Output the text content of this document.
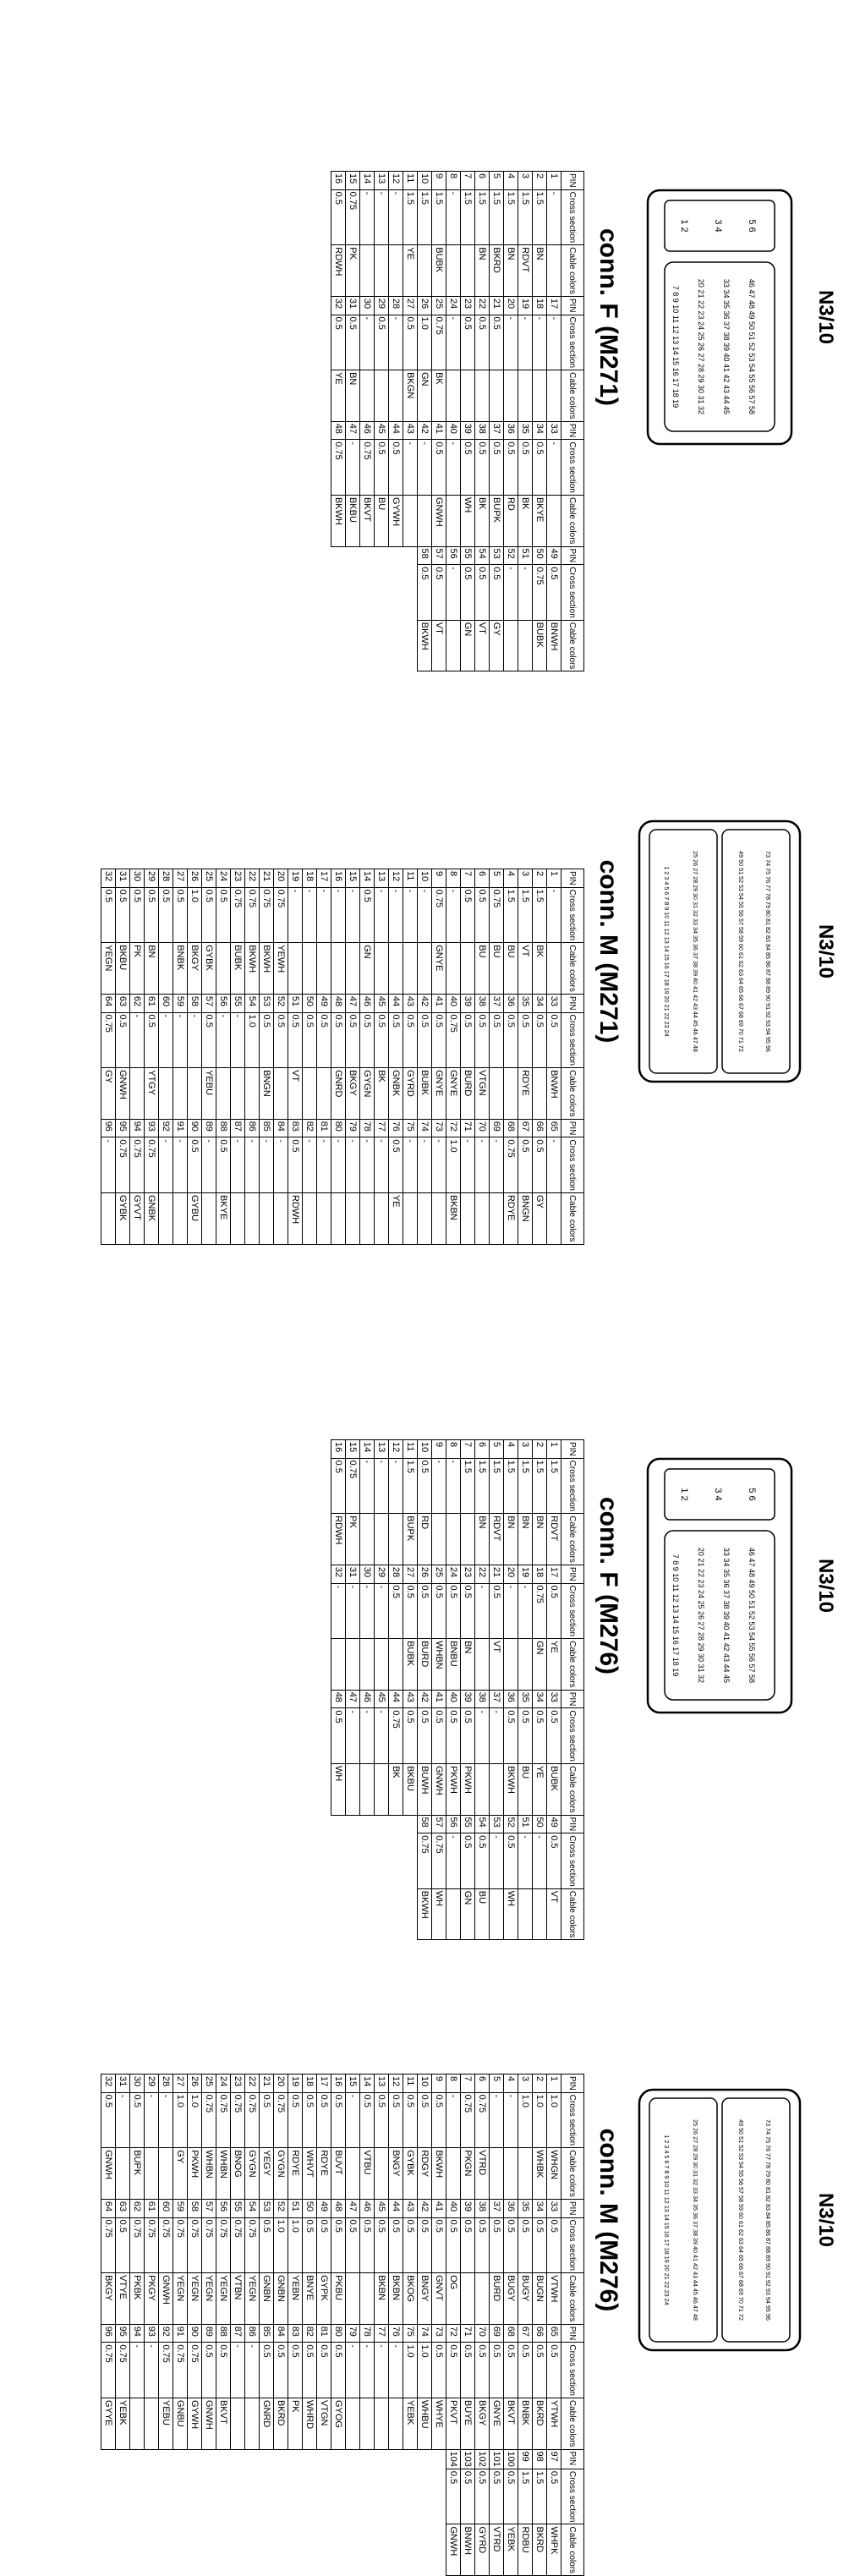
N3/10
5 6
3 4
1 2
46 47 48 49 50 51 52 53 54 55 56 57 58
33 34 35 36 37 38 39 40 41 42 43 44 45
20 21 22 23 24 25 26 27 28 29 30 31 32
7 8 9 10 11 12 13 14 15 16 17 18 19
conn. F (M271)
PIN	Cross section	Cable colors	PIN	Cross section	Cable colors	PIN	Cross section	Cable colors	PIN	Cross section	Cable colors
1	-		17	-		33	-		49	0.5	BNWH
2	1.5	BN	18	-		34	0.5	BKYE	50	0.75	BUBK
3	1.5	RDVT	19	-		35	0.5	BK	51	-	
4	1.5	BN	20	-		36	0.5	RD	52	-	
5	1.5	BKRD	21	0.5		37	0.5	BUPK	53	0.5	GY
6	1.5	BN	22	0.5		38	0.5	BK	54	0.5	VT
7	1.5		23	0.5		39	0.5	WH	55	0.5	GN
8	-		24	-		40	-		56	-	
9	1.5	BUBK	25	0.75	BK	41	0.5	GNWH	57	0.5	VT
10	1.5		26	1.0	GN	42	-		58	0.5	BKWH
11	1.5	YE	27	0.5	BKGN	43	-				
12	-		28	-		44	0.5	GYWH			
13	-		29	0.5		45	0.5	BU			
14	-		30	-		46	0.75	BKVT			
15	0.75	PK	31	0.5	BN	47	-	BKBU			
16	0.5	RDWH	32	0.5	YE	48	0.75	BKWH			
N3/10
73 74 75 76 77 78 79 80 81 82 83 84 85 86 87 88 89 90 91 92 93 94 95 96
49 50 51 52 53 54 55 56 57 58 59 60 61 62 63 64 65 66 67 68 69 70 71 72
25 26 27 28 29 30 31 32 33 34 35 36 37 38 39 40 41 42 43 44 45 46 47 48
1 2 3 4 5 6 7 8 9 10 11 12 13 14 15 16 17 18 19 20 21 22 23 24
conn. M (M271)
PIN	Cross section	Cable colors	PIN	Cross section	Cable colors	PIN	Cross section	Cable colors
1	-		33	0.5	BNWH	65	-	
2	1.5	BK	34	0.5		66	0.5	GY
3	1.5	VT	35	0.5	RDYE	67	0.5	BNGN
4	1.5	BU	36	0.5		68	0.75	RDYE
5	0.75	BU	37	0.5		69	-	
6	0.5	BU	38	0.5	VTGN	70	-	
7	0.5		39	0.5	BURD	71	-	
8	-		40	0.75	GNYE	72	1.0	BKBN
9	0.75	GNYE	41	0.5	GNYE	73	-	
10	-		42	0.5	BUBK	74	-	
11	-		43	0.5	GYRD	75	-	
12	-		44	0.5	GNBK	76	0.5	YE
13	-		45	0.5	BK	77	-	
14	0.5	GN	46	0.5	GYGN	78	-	
15	-		47	0.5	BKGY	79	-	
16	-		48	0.5	GNRD	80	-	
17	-		49	0.5		81	-	
18	-		50	0.5		82	-	
19	-		51	0.5	VT	83	0.5	RDWH
20	0.75	YEWH	52	0.5		84	-	
21	0.75	BKWH	53	0.5	BNGN	85	-	
22	0.75	BKWH	54	1.0		86	-	
23	0.75	BUBK	55	-		87	-	
24	0.5		56	-		88	0.5	BKYE
25	0.5	GYBK	57	0.5	YEBU	89	-	
26	1.0	BKGY	58	-		90	0.5	GYBU
27	0.5	BNBK	59	-		91	-	
28	0.5		60	-		92	-	
29	0.5	BN	61	0.5	YTGY	93	0.75	GNBK
30	0.5	PK	62	-		94	0.75	GYVT
31	0.5	BKBU	63	0.5	GNWH	95	0.75	GYBK
32	0.5	YEGN	64	0.75	GY	96	-	
N3/10
5 6
3 4
1 2
46 47 48 49 50 51 52 53 54 55 56 57 58
33 34 35 36 37 38 39 40 41 42 43 44 45
20 21 22 23 24 25 26 27 28 29 30 31 32
7 8 9 10 11 12 13 14 15 16 17 18 19
conn. F (M276)
PIN	Cross section	Cable colors	PIN	Cross section	Cable colors	PIN	Cross section	Cable colors	PIN	Cross section	Cable colors
1	1.5	RDVT	17	0.5	YE	33	0.5	BUBK	49	0.5	VT
2	1.5	BN	18	0.75	GN	34	0.5	YE	50	-	
3	1.5	BN	19	-		35	0.5	BU	51	-	
4	1.5	BN	20	-		36	0.5	BKWH	52	0.5	WH
5	1.5	RDVT	21	0.5	VT	37	-		53	-	
6	1.5	BN	22	-		38	-		54	0.5	BU
7	1.5		23	0.5	BN	39	0.5	PKWH	55	0.5	GN
8	-		24	0.5	BNBU	40	0.5	PKWH	56	-	
9	-		25	0.5	WHBN	41	0.5	GNWH	57	0.75	WH
10	0.5	RD	26	0.5	BURD	42	0.5	BUWH	58	0.75	BKWH
11	1.5	BUPK	27	0.5	BUBK	43	0.5	BKBU			
12	-		28	0.5		44	0.75	BK			
13	-		29	-		45	-				
14	-		30	-		46	-				
15	0.75	PK	31	-		47	-				
16	0.5	RDWH	32	-		48	0.5	WH			
N3/10
73 74 75 76 77 78 79 80 81 82 83 84 85 86 87 88 89 90 91 92 93 94 95 96
49 50 51 52 53 54 55 56 57 58 59 60 61 62 63 64 65 66 67 68 69 70 71 72
25 26 27 28 29 30 31 32 33 34 35 36 37 38 39 40 41 42 43 44 45 46 47 48
1 2 3 4 5 6 7 8 9 10 11 12 13 14 15 16 17 18 19 20 21 22 23 24
conn. M (M276)
PIN	Cross section	Cable colors	PIN	Cross section	Cable colors	PIN	Cross section	Cable colors	PIN	Cross section	Cable colors
1	1.0	WHGN	33	0.5	VTWH	65	0.5	YTWH	97	0.5	WHPK
2	1.0	WHBK	34	0.5	BUGN	66	0.5	BKRD	98	1.5	BKRD
3	1.0		35	0.5	BUGY	67	0.5	BNBK	99	1.5	RDBU
4	-		36	0.5	BUGY	68	0.5	BKVT	100	0.5	YEBK
5	-		37	0.5	BURD	69	0.5	GNYE	101	0.5	VTRD
6	0.75	VTRD	38	0.5		70	0.5	BKGY	102	0.5	GYRD
7	0.75	PKGN	39	0.5		71	0.5	BUYE	103	0.5	BNWH
8	-		40	0.5	OG	72	0.5	PKVT	104	0.5	GNWH
9	0.5	BKWH	41	0.5	GNVT	73	0.5	WHYE			
10	0.5	RDGY	42	0.5	BNGY	74	1.0	WHBU			
11	0.5	GYBK	43	0.5	BKOG	75	1.0	YEBK			
12	0.5	BNGY	44	0.5	BKBN	76	-				
13	0.5		45	0.5	BKBN	77	-				
14	0.5	VTBU	46	0.5		78	-				
15	-		47	0.5		79	-				
16	0.5	BUVT	48	0.5	PKBU	80	0.5	GYOG			
17	0.5	RDYE	49	0.5	GYPK	81	0.5	VTGN			
18	0.5	WHVT	50	0.5	BNYE	82	0.5	WHRD			
19	0.5	RDYE	51	1.0	YEBN	83	0.5	PK			
20	0.75	GYGN	52	1.0	GNBN	84	0.5	BKRD			
21	0.5	YEGY	53	0.5	GNBN	85	0.5	GNRD			
22	0.75	GYGN	54	0.75	YEGN	86	-				
23	0.75	BNOG	55	0.75	VTBN	87	-				
24	0.75	WHBN	56	0.75	YEGN	88	0.5	BKVT			
25	0.75	WHBN	57	0.75	YEGN	89	0.5	GNWH			
26	1.0	PKWH	58	0.75	YEGN	90	0.75	GYWH			
27	1.0	GY	59	0.75	YEGN	91	0.75	GNBU			
28	-		60	0.75	GNWH	92	0.75	YEBU			
29	-		61	0.75	PKGY	93	-				
30	0.5	BUPK	62	0.75	PKBK	94	-				
31	-		63	0.5	VTYE	95	0.75	YEBK			
32	0.5	GNWH	64	0.75	BKGY	96	0.75	GYYE			
